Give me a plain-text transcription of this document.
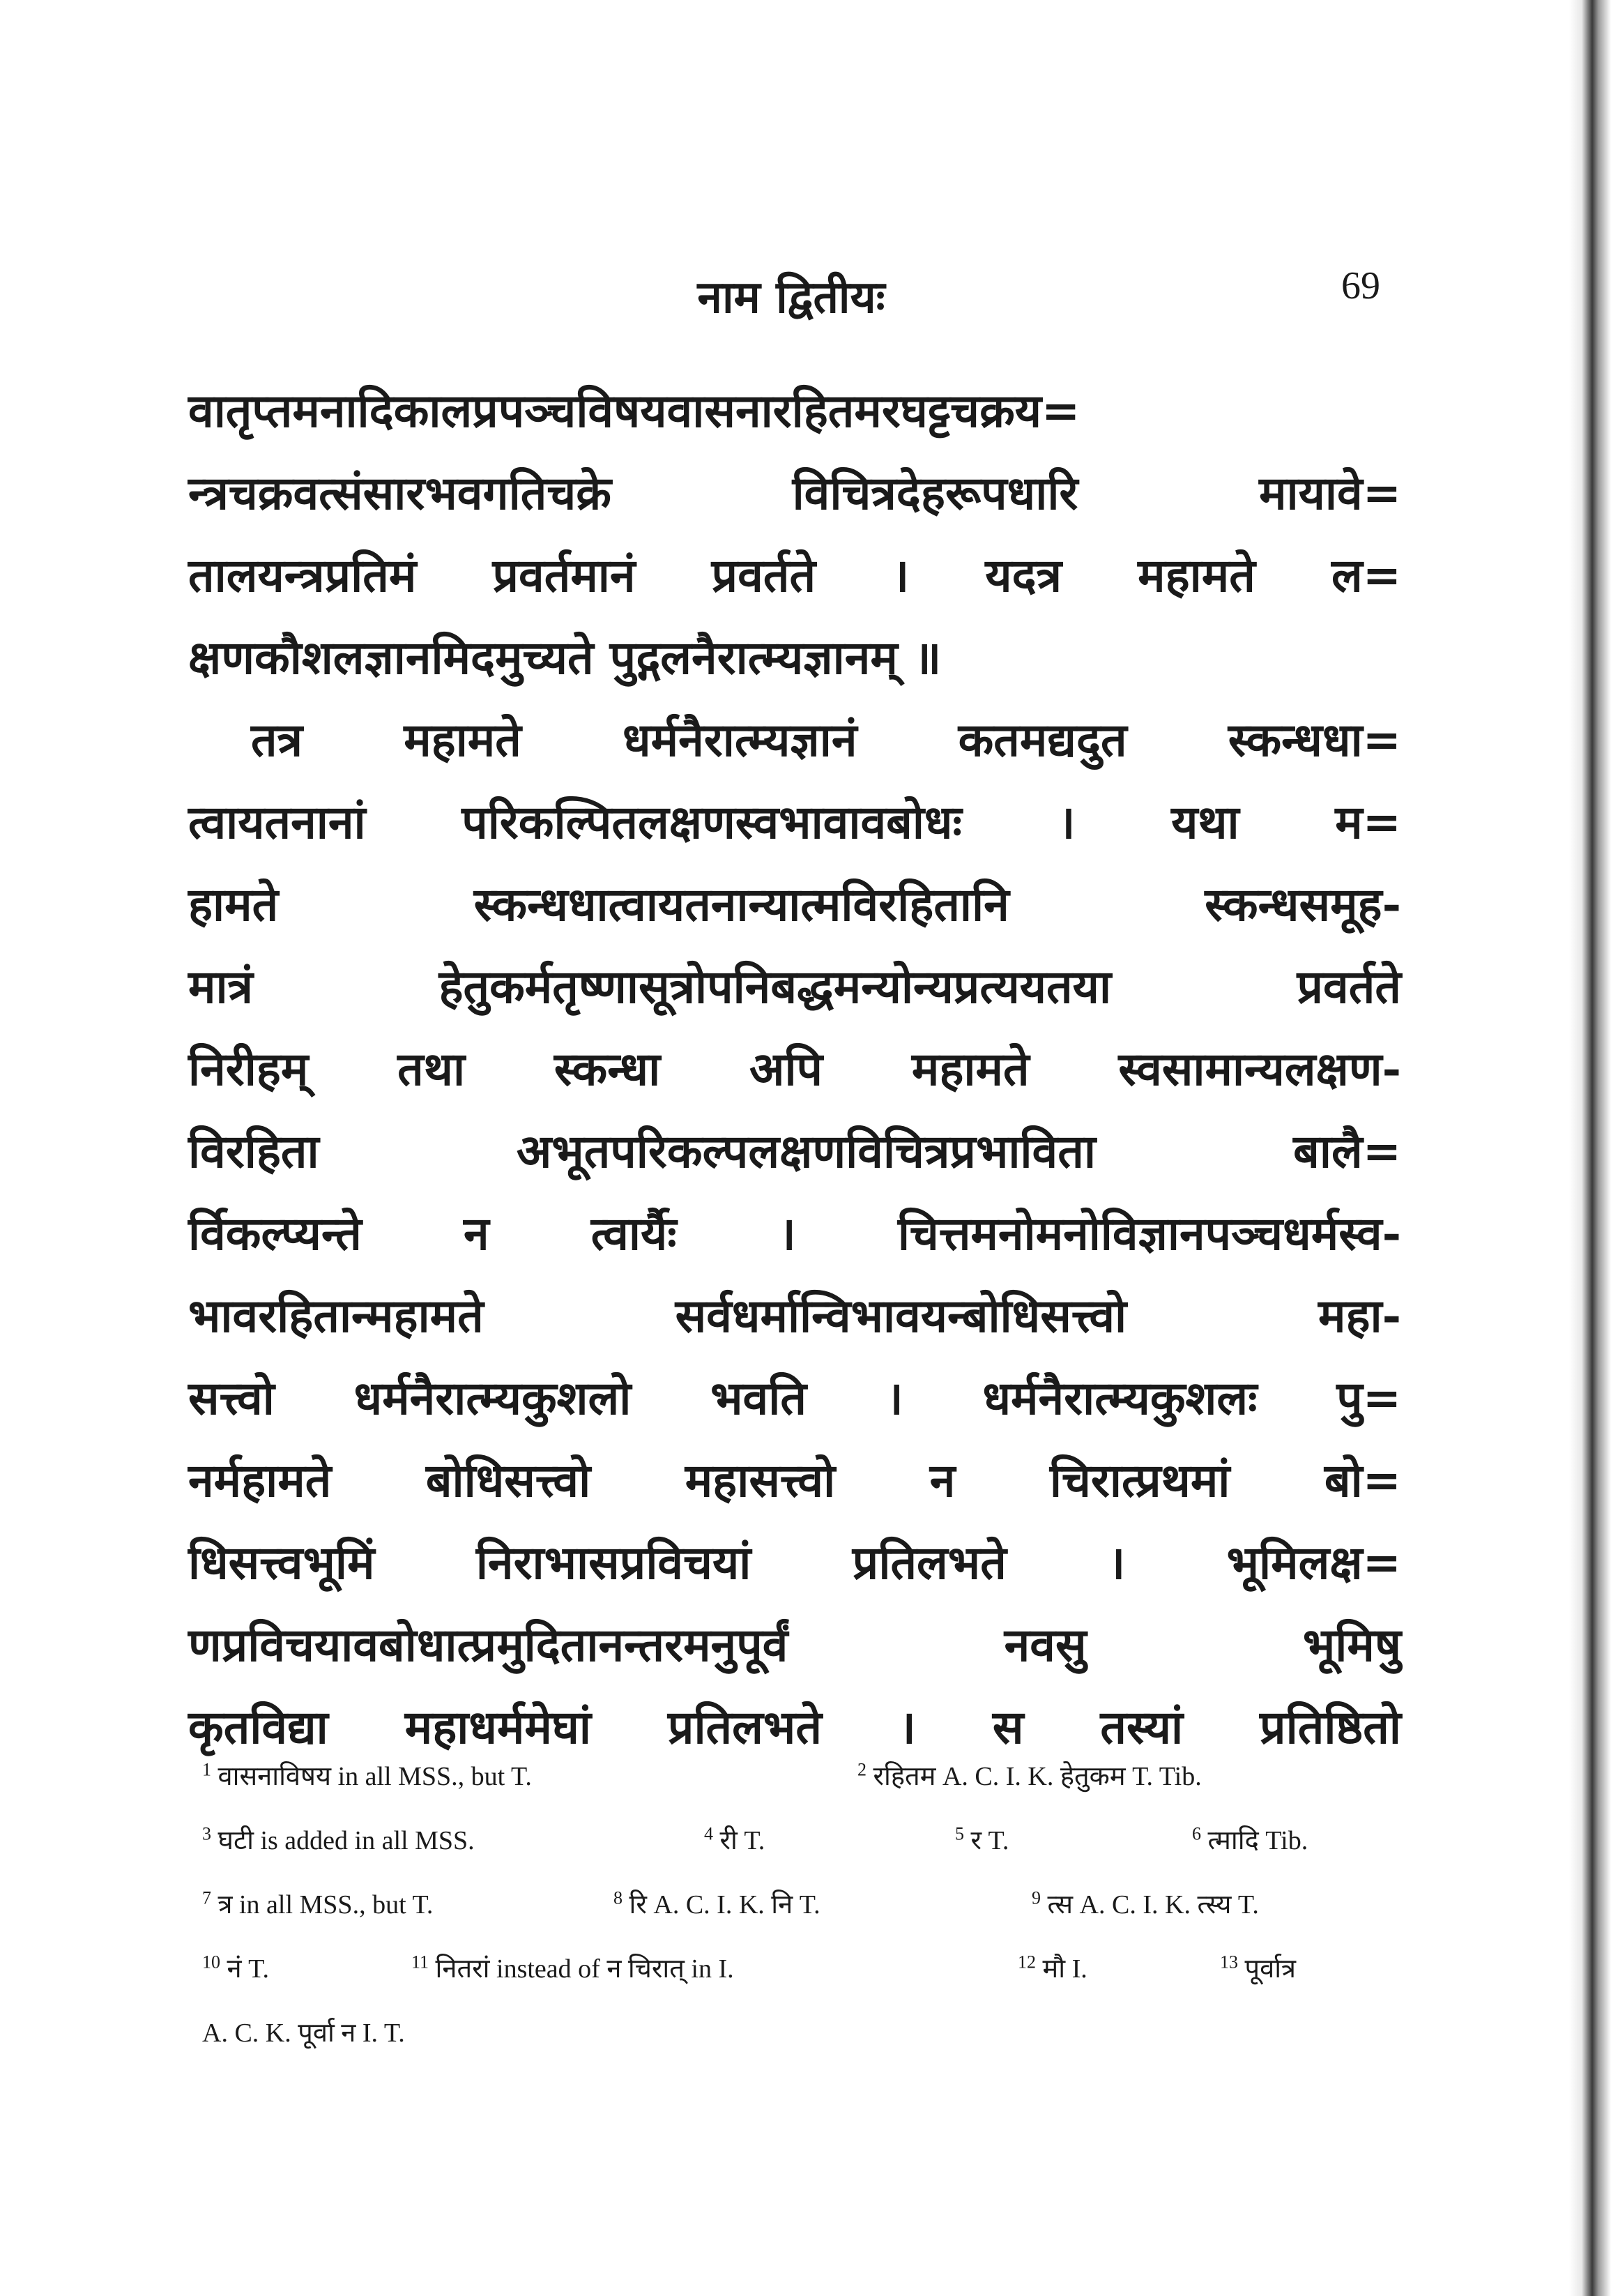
नाम द्वितीयः	69
वातृप्तमनादिकालप्रपञ्चविषयवासनारहितमरघट्टचक्रय=
न्त्रचक्रवत्संसारभवगतिचक्रे विचित्रदेहरूपधारि मायावे=
तालयन्त्रप्रतिमं प्रवर्तमानं प्रवर्तते । यदत्र महामते ल=
क्षणकौशलज्ञानमिदमुच्यते पुद्गलनैरात्म्यज्ञानम् ॥
तत्र महामते धर्मनैरात्म्यज्ञानं कतमद्यदुत स्कन्धधा=
त्वायतनानां परिकल्पितलक्षणस्वभावावबोधः । यथा म=
हामते स्कन्धधात्वायतनान्यात्मविरहितानि स्कन्धसमूह-
मात्रं हेतुकर्मतृष्णासूत्रोपनिबद्धमन्योन्यप्रत्ययतया प्रवर्तते
निरीहम् तथा स्कन्धा अपि महामते स्वसामान्यलक्षण-
विरहिता अभूतपरिकल्पलक्षणविचित्रप्रभाविता बालै=
र्विकल्प्यन्ते न त्वार्यैः । चित्तमनोमनोविज्ञानपञ्चधर्मस्व-
भावरहितान्महामते सर्वधर्मान्विभावयन्बोधिसत्त्वो महा-
सत्त्वो धर्मनैरात्म्यकुशलो भवति । धर्मनैरात्म्यकुशलः पु=
नर्महामते बोधिसत्त्वो महासत्त्वो न चिरात्प्रथमां बो=
धिसत्त्वभूमिं निराभासप्रविचयां प्रतिलभते । भूमिलक्ष=
णप्रविचयावबोधात्प्रमुदितानन्तरमनुपूर्वं नवसु भूमिषु
कृतविद्या महाधर्ममेघां प्रतिलभते । स तस्यां प्रतिष्ठितो
$^1$ वासनाविषय in all MSS., but T.	$^2$ रहितम A. C. I. K. हेतुकम T. Tib.
$^3$ घटी is added in all MSS.	$^4$ री T.	$^5$ र T.	$^6$ त्मादि Tib.
$^7$ त्र in all MSS., but T.	$^8$ रि A. C. I. K. नि T.	$^9$ त्स A. C. I. K. त्स्य T.
$^{10}$ नं T.	$^{11}$ नितरां instead of न चिरात् in I.	$^{12}$ मौ I.	$^{13}$ पूर्वात्र
A. C. K. पूर्वा न I. T.
